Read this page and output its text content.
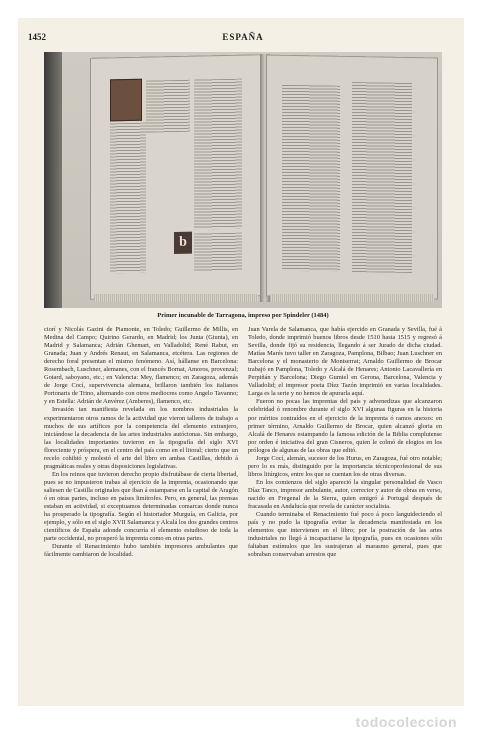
1452	ESPAÑA
b
Primer incunable de Tarragona, impreso por Spindeler (1484)

ciorí y Nicolás Gazini de Piamonte, en Toledo; Guillermo de Millis, en Medina del Campo; Quirino Gerardo, en Madrid; los Junta (Giunta), en Madrid y Salamanca; Adrián Ghemart, en Valladolid; René Rabut, en Granada; Juan y Andrés Renaut, en Salamanca, etcétera. Las regiones de derecho foral presentan el mismo fenómeno. Así, hállanse en Barcelona: Rosembach, Luschner, alemanes, con el francés Bornat, Amoros, provenzal; Gotard, saboyano, etc.; en Valencia: Mey, flamenco; en Zaragoza, además de Jorge Cocí, supervivencia alemana, brillaron también los italianos Portonaris de Trino, alternando con otros mediocres como Angelo Tavanno; y en Estella: Adrián de Anvérez (Amberes), flamenco, etc.

Invasión tan manifiesta revelada en los nombres industriales la experimentaron otros ramos de la actividad que vieron talleres de trabajo a muchos de sus artífices por la competencia del elemento extranjero, iniciándose la decadencia de las artes industriales autóctonas. Sin embargo, las localidades importantes tuvieron en la tipografía del siglo XVI floreciente y próspera, en el centro del país como en el litoral; cierto que un recelo cohibió y molestó el arte del libro en ambas Castillas, debido á pragmáticas reales y otras disposiciones legislativas.

En los reinos que tuvieron derecho propio disfrutábase de cierta libertad, pues se no impusieron trabas al ejercicio de la imprenta, ocasionando que saliesen de Castilla originales que iban á estamparse en la capital de Aragón ó en otras partes, incluso en países limítrofes. Pero, en general, las prensas estaban en actividad, si exceptuamos determinadas comarcas donde nunca ha prosperado la tipografía. Según el historiador Murguía, en Galicia, por ejemplo, y sólo en el siglo XVII Salamanca y Alcalá los dos grandes centros científicos de España adonde concurría el elemento estudioso de toda la parte occidental, no prosperó la imprenta como en otras partes.

Durante el Renacimiento hubo también impresores ambulantes que fácilmente cambiaron de localidad.

Juan Varela de Salamanca, que había ejercido en Granada y Sevilla, fué á Toledo, donde imprimió buenos libros desde 1510 hasta 1515 y regresó á Sevilla, donde fijó su residencia, llegando á ser Jurado de dicha ciudad. Matías Marés tuvo taller en Zaragoza, Pamplona, Bilbao; Juan Luschner en Barcelona y el monasterio de Montserrat; Arnaldo Guillermo de Brocar trabajó en Pamplona, Toledo y Alcalá de Henares; Antonio Lacavallería en Perpiñán y Barcelona; Diego Gumiel en Gerona, Barcelona, Valencia y Valladolid; el impresor poeta Díez Tazón imprimió en varias localidades. Larga es la serie y no hemos de apurarla aquí.

Fueron no pocas las imprentas del país y advenedizas que alcanzaron celebridad ó renombre durante el siglo XVI algunas figuras en la historia por méritos contraídos en el ejercicio de la imprenta ó ramos anexos: en primer término, Arnaldo Guillermo de Brocar, quien alcanzó gloria en Alcalá de Henares estampando la famosa edición de la Biblia complutense por orden é iniciativa del gran Cisneros, quien le colmó de elogios en los prólogos de algunas de las obras que editó.

Jorge Cocí, alemán, sucesor de los Hurus, en Zaragoza, fué otro notable; pero lo es más, distinguido por la importancia técnicoprofesional de sus libros litúrgicos, entre los que se cuentan los de otras diversas.

En los comienzos del siglo apareció la singular personalidad de Vasco Díaz Tanco, impresor ambulante, autor, corrector y autor de obras en verso, nacido en Fregenal de la Sierra, quien emigró á Portugal después de fracasada en Andalucía que revela de carácter socialista.

Cuando terminaba el Renacimiento fué poco á poco languideciendo el país y no pudo la tipografía evitar la decadencia manifestada en los elementos que intervienen en el libro; por la postración de las artes industriales no llegó á incapacitarse la tipografía, pues en ocasiones sólo faltaban estímulos que les sustrajeran al marasmo general, pues que sobraban conservaban arrestos que

todocoleccion
